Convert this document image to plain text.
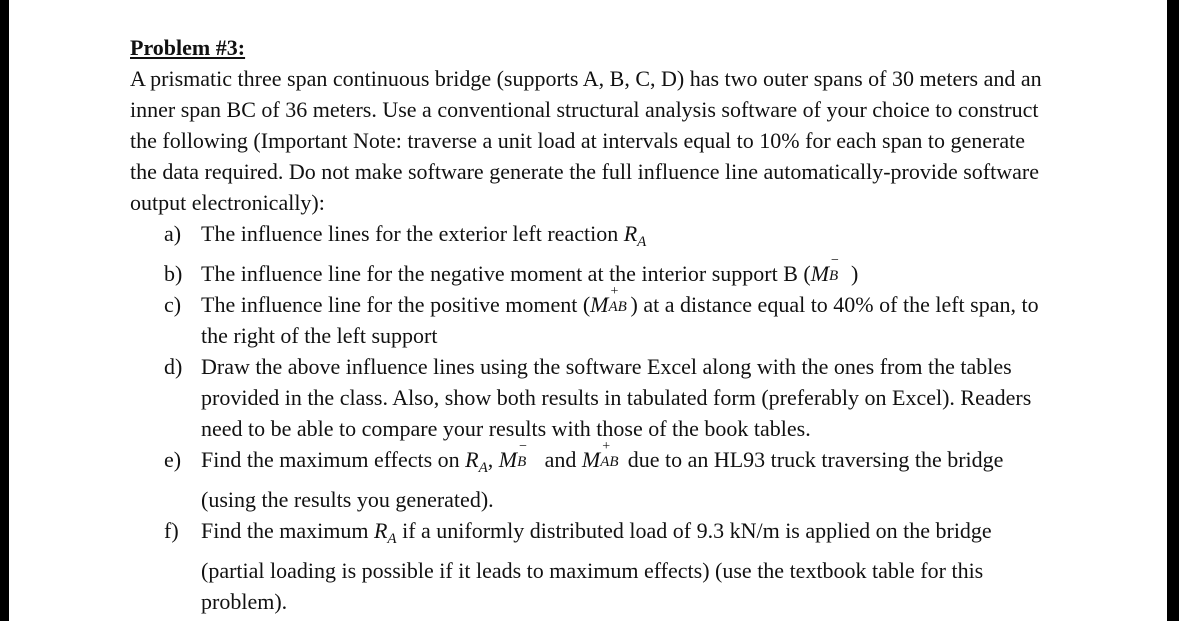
Problem #3:

A prismatic three span continuous bridge (supports A, B, C, D) has two outer spans of 30 meters and an inner span BC of 36 meters. Use a conventional structural analysis software of your choice to construct the following (Important Note: traverse a unit load at intervals equal to 10% for each span to generate the data required. Do not make software generate the full influence line automatically-provide software output electronically):

a) The influence lines for the exterior left reaction $R_A$
b) The influence line for the negative moment at the interior support B (M
−
B )
c) The influence line for the positive moment (M
+
AB ) at a distance equal to 40% of the left span, to the right of the left support
d) Draw the above influence lines using the software Excel along with the ones from the tables provided in the class. Also, show both results in tabulated form (preferably on Excel). Readers need to be able to compare your results with those of the book tables.
e) Find the maximum effects on $R_A$, M
−
B and M
+
AB due to an HL93 truck traversing the bridge (using the results you generated).
f)	Find the maximum $R_A$ if a uniformly distributed load of 9.3 kN/m is applied on the bridge (partial loading is possible if it leads to maximum effects) (use the textbook table for this problem).
